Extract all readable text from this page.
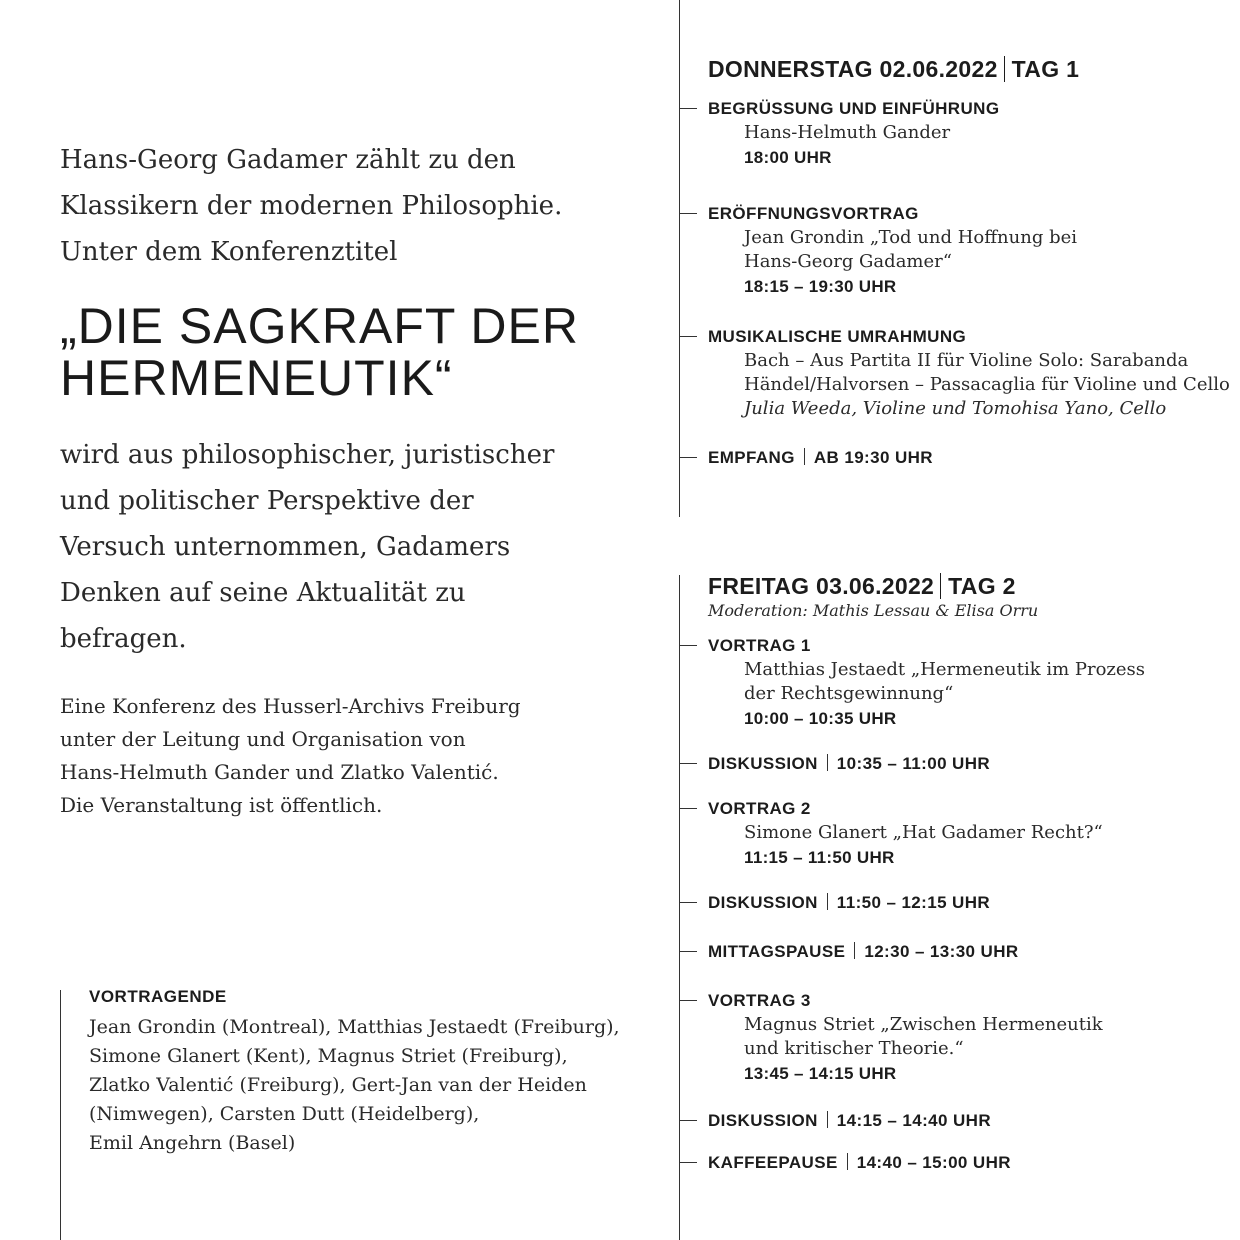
Hans-Georg Gadamer zählt zu den
Klassikern der modernen Philosophie.
Unter dem Konferenztitel
„DIE SAGKRAFT DER
HERMENEUTIK“
wird aus philosophischer, juristischer
und politischer Perspektive der
Versuch unternommen, Gadamers
Denken auf seine Aktualität zu
befragen.
Eine Konferenz des Husserl-Archivs Freiburg
unter der Leitung und Organisation von
Hans-Helmuth Gander und Zlatko Valentić.
Die Veranstaltung ist öffentlich.
VORTRAGENDE
Jean Grondin (Montreal), Matthias Jestaedt (Freiburg),
Simone Glanert (Kent), Magnus Striet (Freiburg),
Zlatko Valentić (Freiburg), Gert-Jan van der Heiden
(Nimwegen), Carsten Dutt (Heidelberg),
Emil Angehrn (Basel)
DONNERSTAG 02.06.2022 TAG 1
BEGRÜSSUNG UND EINFÜHRUNG
Hans-Helmuth Gander
18:00 UHR
ERÖFFNUNGSVORTRAG
Jean Grondin „Tod und Hoffnung bei
Hans-Georg Gadamer“
18:15 – 19:30 UHR
MUSIKALISCHE UMRAHMUNG
Bach – Aus Partita II für Violine Solo: Sarabanda
Händel/Halvorsen – Passacaglia für Violine und Cello
Julia Weeda, Violine und Tomohisa Yano, Cello
EMPFANG AB 19:30 UHR
FREITAG 03.06.2022 TAG 2
Moderation: Mathis Lessau & Elisa Orru
VORTRAG 1
Matthias Jestaedt „Hermeneutik im Prozess
der Rechtsgewinnung“
10:00 – 10:35 UHR
DISKUSSION 10:35 – 11:00 UHR
VORTRAG 2
Simone Glanert „Hat Gadamer Recht?“
11:15 – 11:50 UHR
DISKUSSION 11:50 – 12:15 UHR
MITTAGSPAUSE 12:30 – 13:30 UHR
VORTRAG 3
Magnus Striet „Zwischen Hermeneutik
und kritischer Theorie.“
13:45 – 14:15 UHR
DISKUSSION 14:15 – 14:40 UHR
KAFFEEPAUSE 14:40 – 15:00 UHR
